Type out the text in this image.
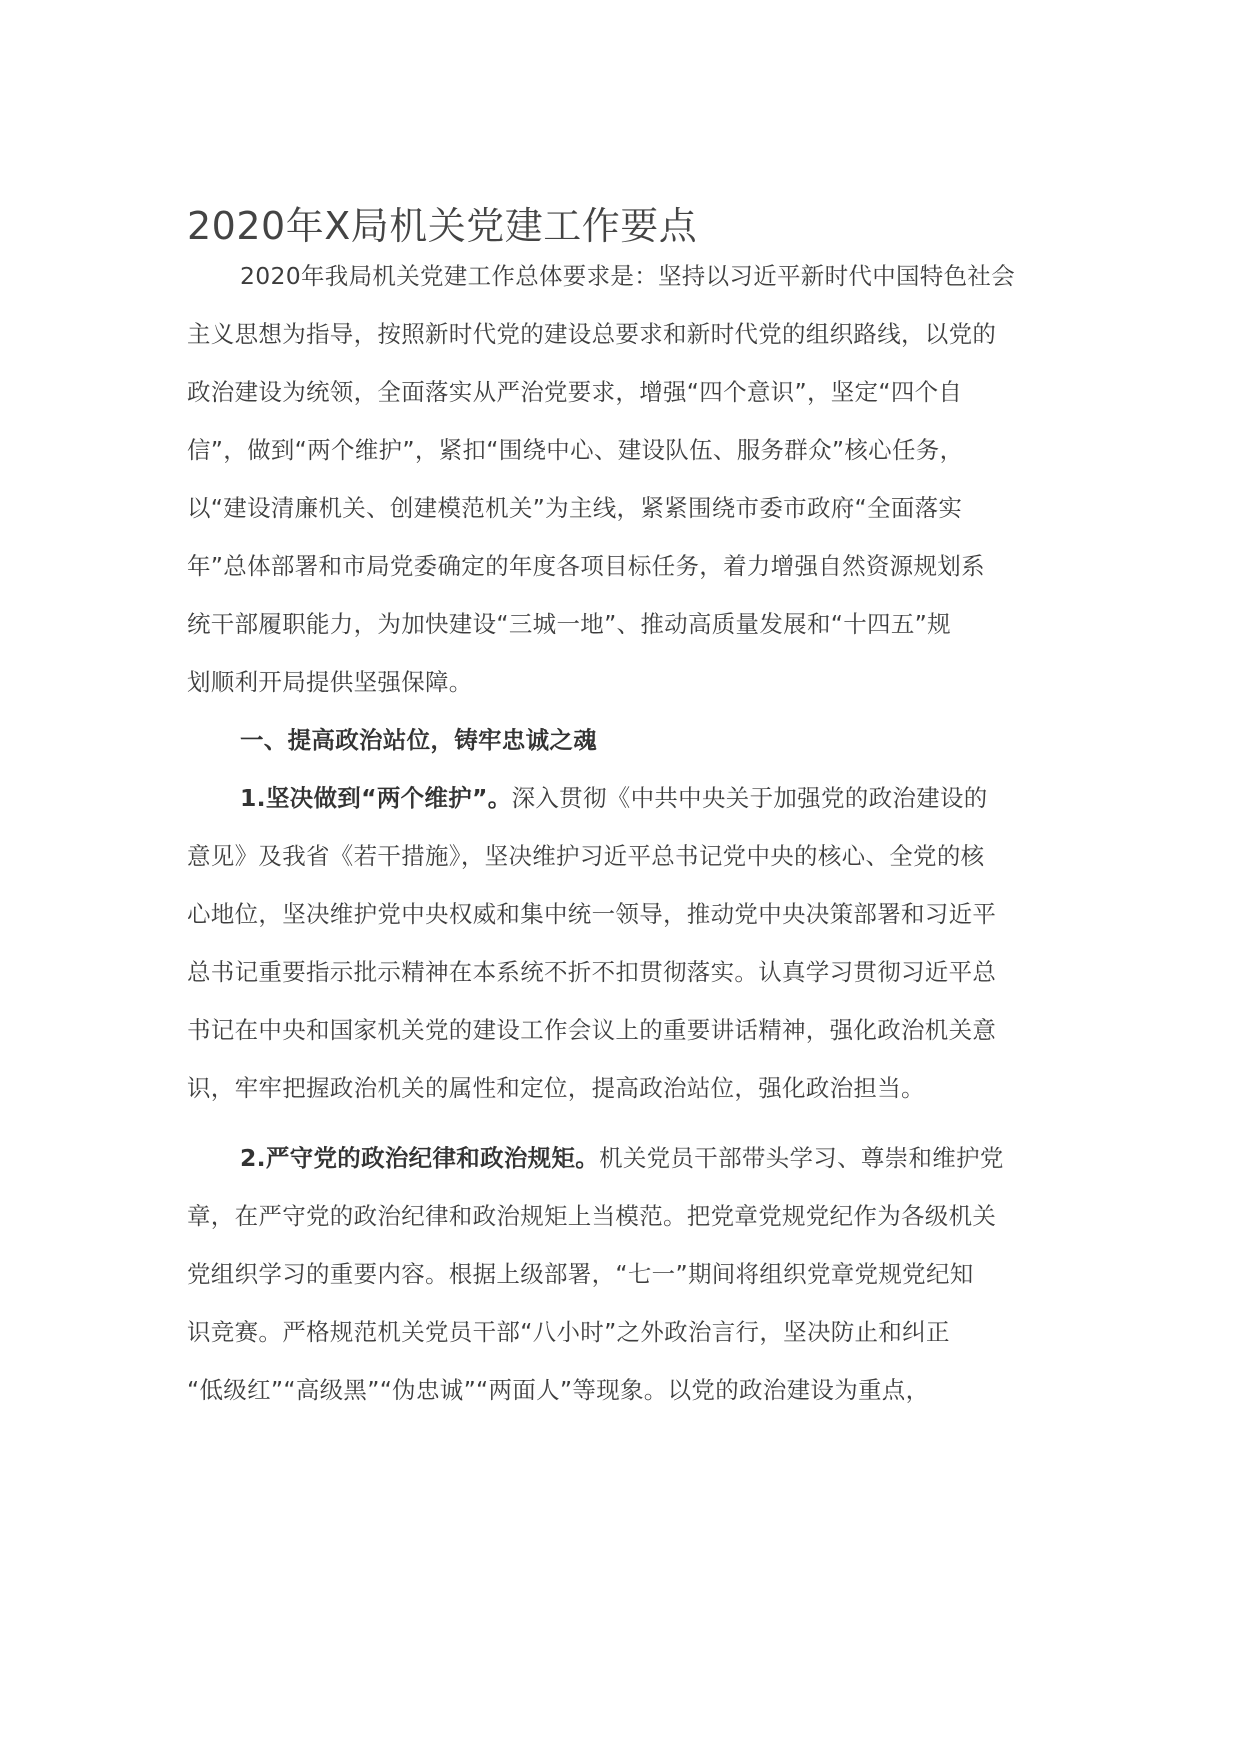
2020年X局机关党建工作要点
2020年我局机关党建工作总体要求是：坚持以习近平新时代中国特色社会
主义思想为指导，按照新时代党的建设总要求和新时代党的组织路线，以党的
政治建设为统领，全面落实从严治党要求，增强“四个意识”，坚定“四个自
信”，做到“两个维护”，紧扣“围绕中心、建设队伍、服务群众”核心任务，
以“建设清廉机关、创建模范机关”为主线，紧紧围绕市委市政府“全面落实
年”总体部署和市局党委确定的年度各项目标任务，着力增强自然资源规划系
统干部履职能力，为加快建设“三城一地”、推动高质量发展和“十四五”规
划顺利开局提供坚强保障。
一、提高政治站位，铸牢忠诚之魂
1.坚决做到“两个维护”。深入贯彻《中共中央关于加强党的政治建设的
意见》及我省《若干措施》，坚决维护习近平总书记党中央的核心、全党的核
心地位，坚决维护党中央权威和集中统一领导，推动党中央决策部署和习近平
总书记重要指示批示精神在本系统不折不扣贯彻落实。认真学习贯彻习近平总
书记在中央和国家机关党的建设工作会议上的重要讲话精神，强化政治机关意
识，牢牢把握政治机关的属性和定位，提高政治站位，强化政治担当。
2.严守党的政治纪律和政治规矩。机关党员干部带头学习、尊崇和维护党
章，在严守党的政治纪律和政治规矩上当模范。把党章党规党纪作为各级机关
党组织学习的重要内容。根据上级部署，“七一”期间将组织党章党规党纪知
识竞赛。严格规范机关党员干部“八小时”之外政治言行，坚决防止和纠正
“低级红”“高级黑”“伪忠诚”“两面人”等现象。以党的政治建设为重点，
